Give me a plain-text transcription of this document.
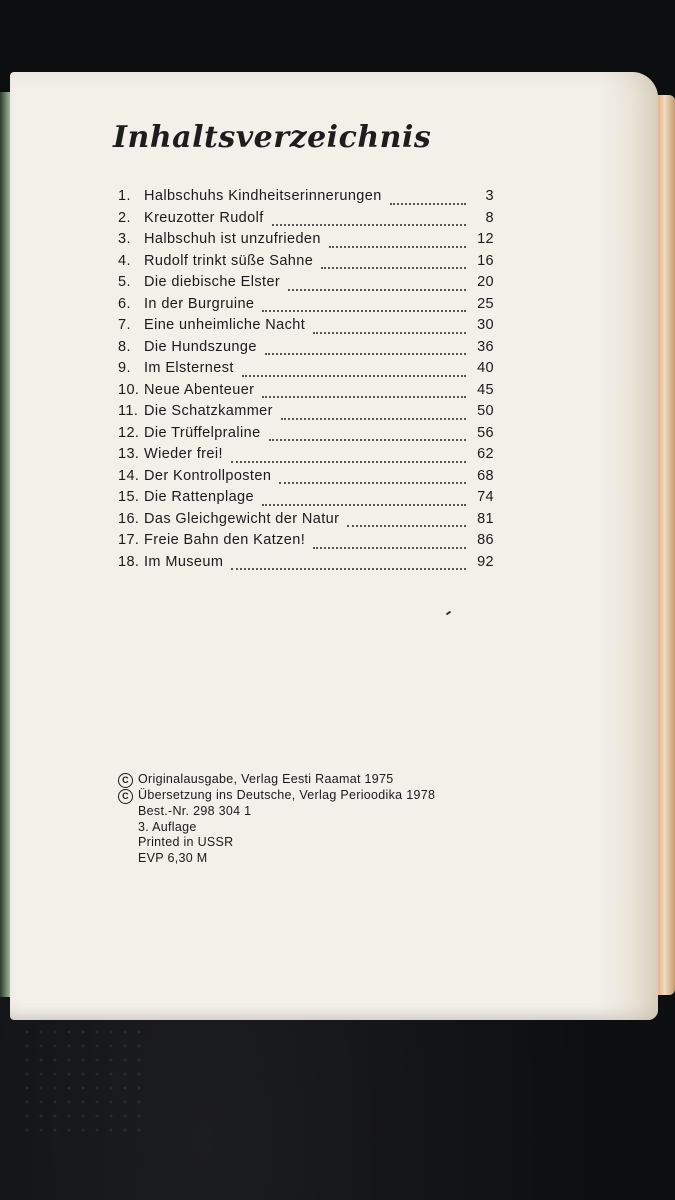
Inhaltsverzeichnis
1. Halbschuhs Kindheitserinnerungen	3
2. Kreuzotter Rudolf	8
3. Halbschuh ist unzufrieden	12
4. Rudolf trinkt süße Sahne	16
5. Die diebische Elster	20
6. In der Burgruine	25
7. Eine unheimliche Nacht	30
8. Die Hundszunge	36
9. Im Elsternest	40
10. Neue Abenteuer	45
11. Die Schatzkammer	50
12. Die Trüffelpraline	56
13. Wieder frei!	62
14. Der Kontrollposten	68
15. Die Rattenplage	74
16. Das Gleichgewicht der Natur	81
17. Freie Bahn den Katzen!	86
18. Im Museum	92
C Originalausgabe, Verlag Eesti Raamat 1975
C Übersetzung ins Deutsche, Verlag Perioodika 1978
Best.-Nr. 298 304 1
3. Auflage
Printed in USSR
EVP 6,30 M
